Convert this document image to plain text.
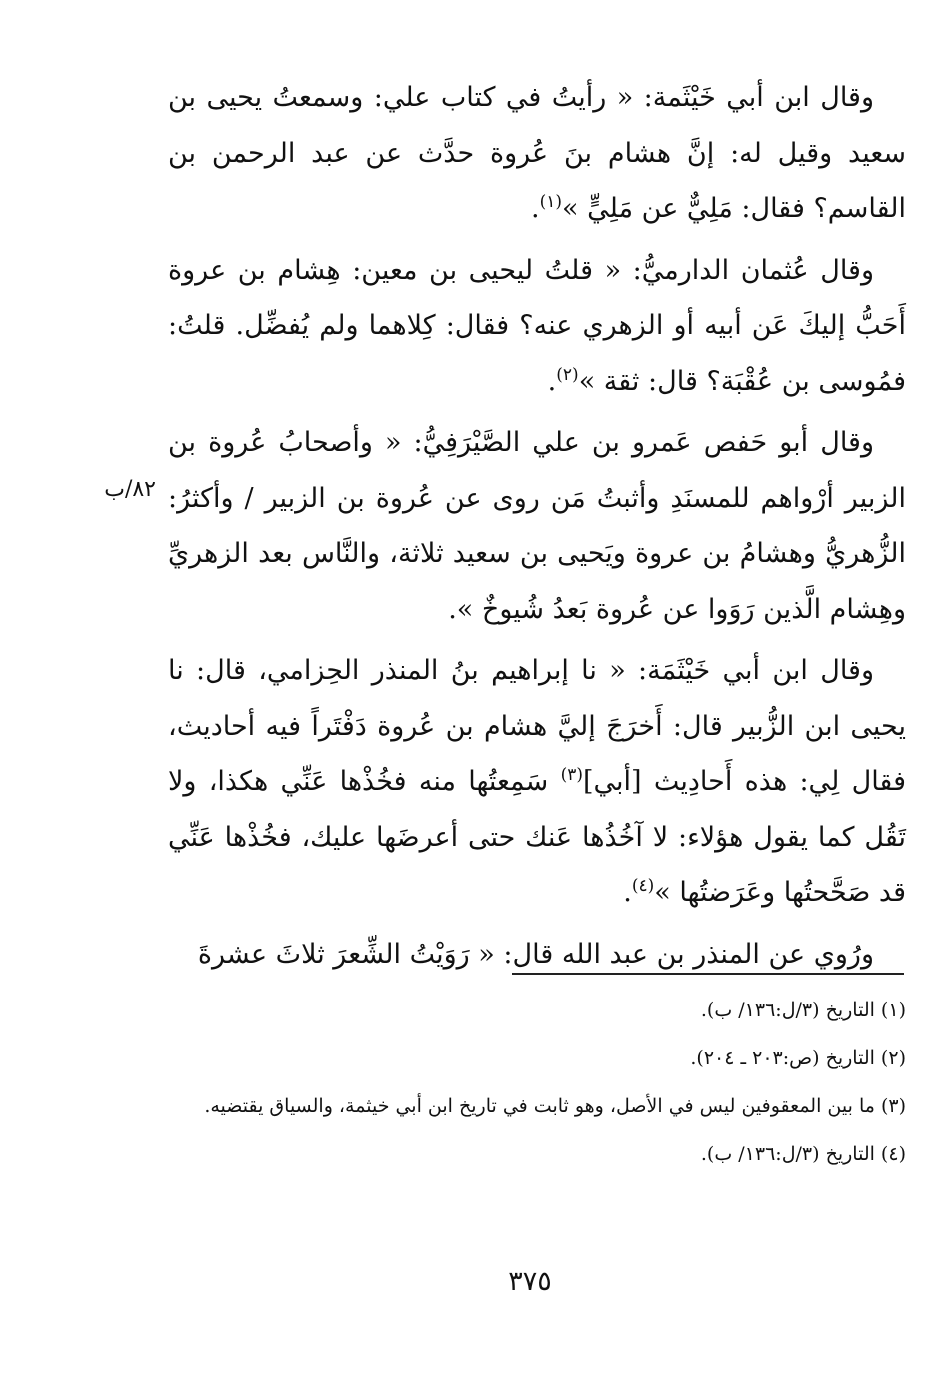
وقال ابن أبي خَيْثَمة: « رأيتُ في كتاب علي: وسمعتُ يحيى بن سعيد وقيل له: إنَّ هشام بنَ عُروة حدَّث عن عبد الرحمن بن القاسم؟ فقال: مَلِيٌّ عن مَلِيٍّ »$^{(١)}$.

وقال عُثمان الدارميُّ: « قلتُ ليحيى بن معين: هِشام بن عروة أَحَبُّ إليكَ عَن أبيه أو الزهري عنه؟ فقال: كِلاهما ولم يُفضِّل. قلتُ: فمُوسى بن عُقْبَة؟ قال: ثقة »$^{(٢)}$.

وقال أبو حَفص عَمرو بن علي الصَّيْرَفِيُّ: « وأصحابُ عُروة بن الزبير أرْواهم للمسنَدِ وأثبتُ مَن روى عن عُروة بن الزبير / وأكثرُ: الزُّهريُّ وهشامُ بن عروة ويَحيى بن سعيد ثلاثة، والنَّاس بعد الزهريِّ وهِشام الَّذين رَوَوا عن عُروة بَعدُ شُيوخٌ ».

وقال ابن أبي خَيْثَمَة: « نا إبراهيم بنُ المنذر الحِزامي، قال: نا يحيى ابن الزُّبير قال: أَخرَجَ إليَّ هشام بن عُروة دَفْتَراً فيه أحاديث، فقال لِي: هذه أَحادِيث [أبي]$^{(٣)}$ سَمِعتُها منه فخُذْها عَنِّي هكذا، ولا تَقُل كما يقول هؤلاء: لا آخُذُها عَنك حتى أعرضَها عليك، فخُذْها عَنِّي قد صَحَّحتُها وعَرَضتُها »$^{(٤)}$.

ورُوي عن المنذر بن عبد الله قال: « رَوَيْتُ الشِّعرَ ثلاثَ عشرةَ

٨٢/ب

(١) التاريخ (٣/ل:١٣٦/ ب).

(٢) التاريخ (ص:٢٠٣ ـ ٢٠٤).

(٣) ما بين المعقوفين ليس في الأصل، وهو ثابت في تاريخ ابن أبي خيثمة، والسياق يقتضيه.

(٤) التاريخ (٣/ل:١٣٦/ ب).

٣٧٥
